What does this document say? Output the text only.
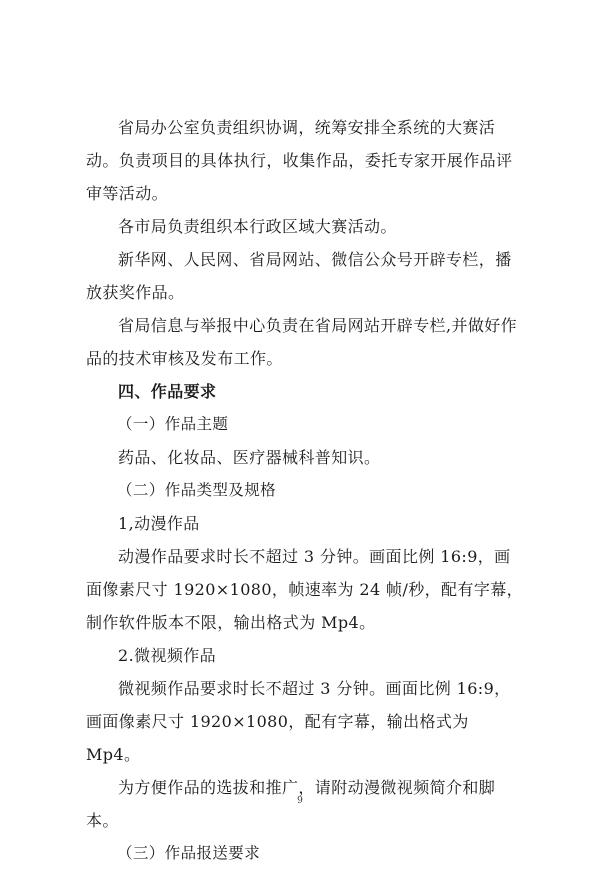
省局办公室负责组织协调，统筹安排全系统的大赛活动。负责项目的具体执行，收集作品，委托专家开展作品评审等活动。

各市局负责组织本行政区域大赛活动。

新华网、人民网、省局网站、微信公众号开辟专栏，播放获奖作品。

省局信息与举报中心负责在省局网站开辟专栏,并做好作品的技术审核及发布工作。

四、作品要求

（一）作品主题

药品、化妆品、医疗器械科普知识。

（二）作品类型及规格

1,动漫作品

动漫作品要求时长不超过 3 分钟。画面比例 16:9，画面像素尺寸 1920×1080，帧速率为 24 帧/秒，配有字幕，制作软件版本不限，输出格式为 Mp4。

2.微视频作品

微视频作品要求时长不超过 3 分钟。画面比例 16:9，画面像素尺寸 1920×1080，配有字幕，输出格式为 Mp4。

为方便作品的选拔和推广，请附动漫微视频简介和脚本。

（三）作品报送要求

9
